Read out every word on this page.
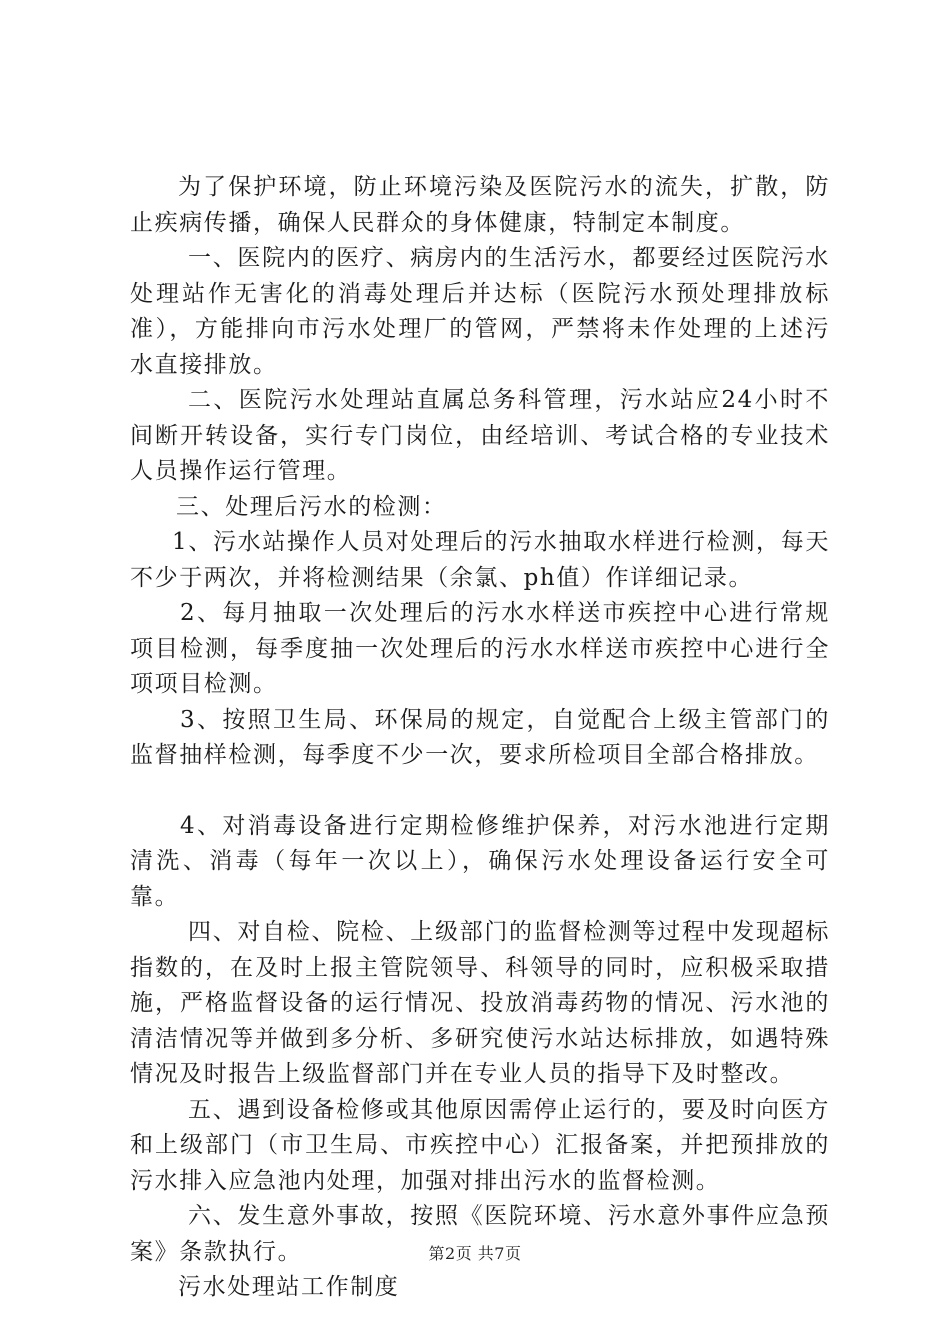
为了保护环境，防止环境污染及医院污水的流失，扩散，防止疾病传播，确保人民群众的身体健康，特制定本制度。

一、医院内的医疗、病房内的生活污水，都要经过医院污水处理站作无害化的消毒处理后并达标（医院污水预处理排放标准），方能排向市污水处理厂的管网，严禁将未作处理的上述污水直接排放。

二、医院污水处理站直属总务科管理，污水站应24小时不间断开转设备，实行专门岗位，由经培训、考试合格的专业技术人员操作运行管理。

三、处理后污水的检测：

1、污水站操作人员对处理后的污水抽取水样进行检测，每天不少于两次，并将检测结果（余氯、ph值）作详细记录。

2、每月抽取一次处理后的污水水样送市疾控中心进行常规项目检测，每季度抽一次处理后的污水水样送市疾控中心进行全项项目检测。

3、按照卫生局、环保局的规定，自觉配合上级主管部门的监督抽样检测，每季度不少一次，要求所检项目全部合格排放。

4、对消毒设备进行定期检修维护保养，对污水池进行定期清洗、消毒（每年一次以上），确保污水处理设备运行安全可靠。

四、对自检、院检、上级部门的监督检测等过程中发现超标指数的，在及时上报主管院领导、科领导的同时，应积极采取措施，严格监督设备的运行情况、投放消毒药物的情况、污水池的清洁情况等并做到多分析、多研究使污水站达标排放，如遇特殊情况及时报告上级监督部门并在专业人员的指导下及时整改。

五、遇到设备检修或其他原因需停止运行的，要及时向医方和上级部门（市卫生局、市疾控中心）汇报备案，并把预排放的污水排入应急池内处理，加强对排出污水的监督检测。

六、发生意外事故，按照《医院环境、污水意外事件应急预案》条款执行。

污水处理站工作制度

第2页 共7页
